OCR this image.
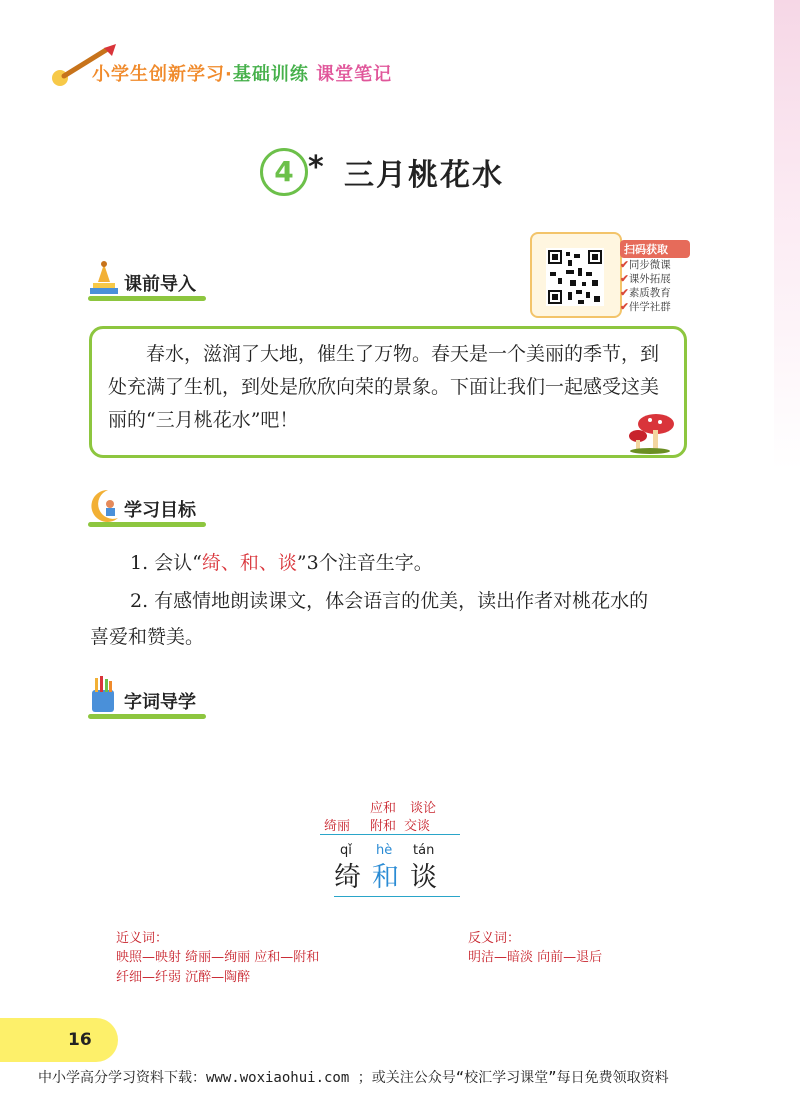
小学生创新学习·基础训练 课堂笔记
4 * 三月桃花水
扫码获取
✔同步微课
✔课外拓展
✔素质教育
✔伴学社群
课前导入
春水，滋润了大地，催生了万物。春天是一个美丽的季节，到处充满了生机，到处是欣欣向荣的景象。下面让我们一起感受这美丽的“三月桃花水”吧！
学习目标
1. 会认“绮、和、谈”3个注音生字。
2. 有感情地朗读课文，体会语言的优美，读出作者对桃花水的
喜爱和赞美。
字词导学
应和 谈论
绮丽 附和 交谈
qǐ hè tán
绮 和 谈
近义词：
映照—映射 绮丽—绚丽 应和—附和
纤细—纤弱 沉醉—陶醉
反义词：
明洁—暗淡 向前—退后
16
中小学高分学习资料下载：www.woxiaohui.com ；或关注公众号“校汇学习课堂”每日免费领取资料
